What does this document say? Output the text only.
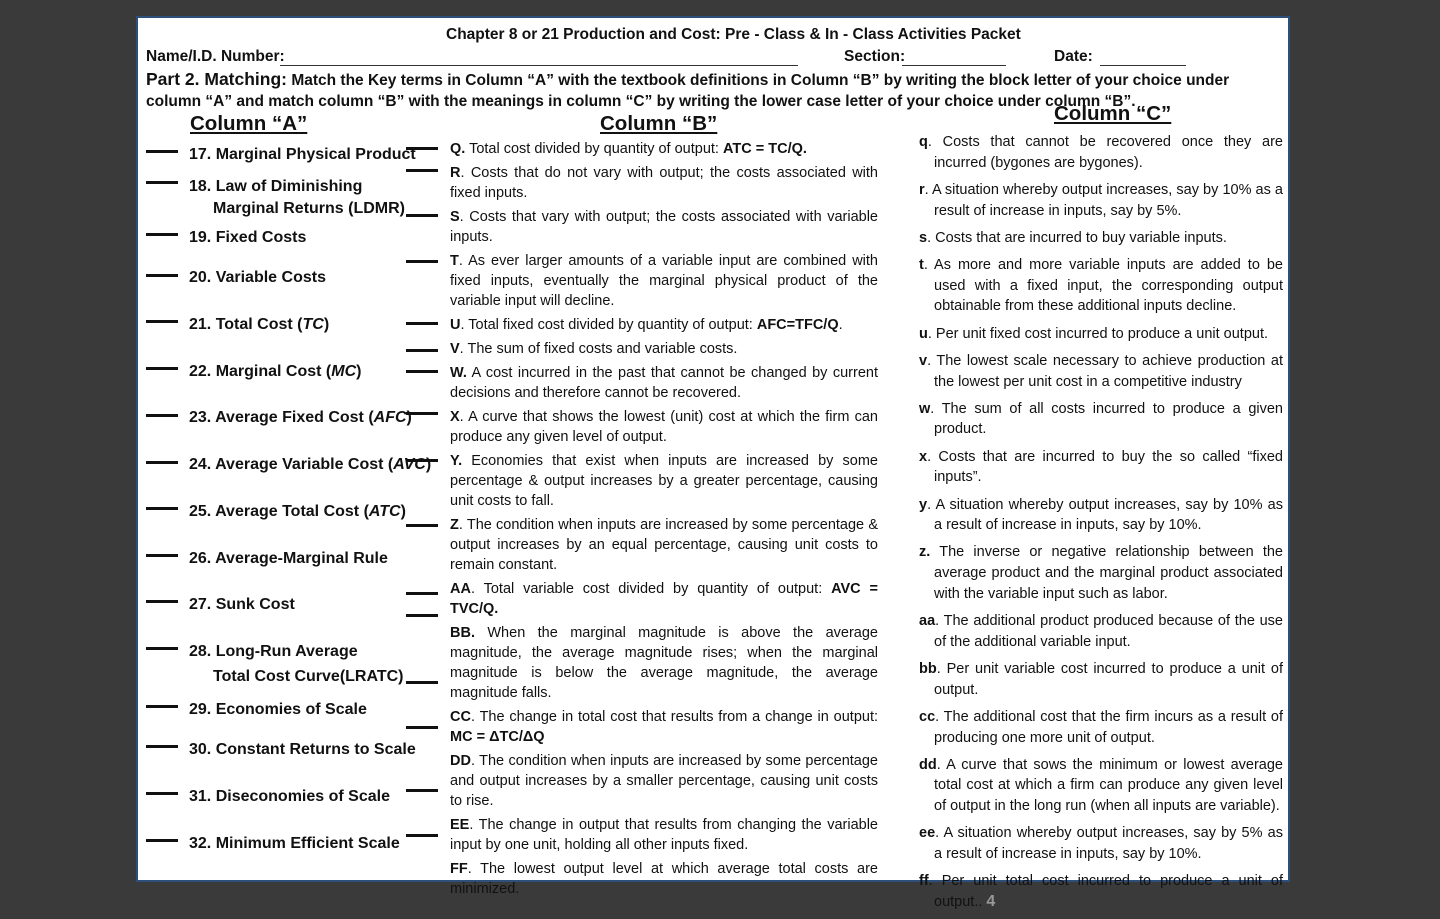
Chapter 8 or 21 Production and Cost: Pre - Class & In - Class Activities Packet
Name/I.D. Number:	Section:	Date:
Part 2. Matching: Match the Key terms in Column “A” with the textbook definitions in Column “B” by writing the block letter of your choice under column “A” and match column “B” with the meanings in column “C” by writing the lower case letter of your choice under column “B”.
Column “A”	Column “B”	Column “C”
17. Marginal Physical Product
18. Law of Diminishing
Marginal Returns (LDMR)
19. Fixed Costs
20. Variable Costs
21. Total Cost (TC)
22. Marginal Cost (MC)
23. Average Fixed Cost (AFC)
24. Average Variable Cost (AVC)
25. Average Total Cost (ATC)
26. Average-Marginal Rule
27. Sunk Cost
28. Long-Run Average
Total Cost Curve(LRATC)
29. Economies of Scale
30. Constant Returns to Scale
31. Diseconomies of Scale
32. Minimum Efficient Scale

Q. Total cost divided by quantity of output: ATC = TC/Q.

R. Costs that do not vary with output; the costs associated with fixed inputs.

S. Costs that vary with output; the costs associated with variable inputs.

T. As ever larger amounts of a variable input are combined with fixed inputs, eventually the marginal physical product of the variable input will decline.

U. Total fixed cost divided by quantity of output: AFC=TFC/Q.

V. The sum of fixed costs and variable costs.

W. A cost incurred in the past that cannot be changed by current decisions and therefore cannot be recovered.

X. A curve that shows the lowest (unit) cost at which the firm can produce any given level of output.

Y. Economies that exist when inputs are increased by some percentage & output increases by a greater percentage, causing unit costs to fall.

Z. The condition when inputs are increased by some percentage & output increases by an equal percentage, causing unit costs to remain constant.

AA. Total variable cost divided by quantity of output: AVC = TVC/Q.

BB. When the marginal magnitude is above the average magnitude, the average magnitude rises; when the marginal magnitude is below the average magnitude, the average magnitude falls.

CC. The change in total cost that results from a change in output: MC = ΔTC/ΔQ

DD. The condition when inputs are increased by some percentage and output increases by a smaller percentage, causing unit costs to rise.

EE. The change in output that results from changing the variable input by one unit, holding all other inputs fixed.

FF. The lowest output level at which average total costs are minimized.

q. Costs that cannot be recovered once they are incurred (bygones are bygones).

r. A situation whereby output increases, say by 10% as a result of increase in inputs, say by 5%.

s. Costs that are incurred to buy variable inputs.

t. As more and more variable inputs are added to be used with a fixed input, the corresponding output obtainable from these additional inputs decline.

u. Per unit fixed cost incurred to produce a unit output.

v. The lowest scale necessary to achieve production at the lowest per unit cost in a competitive industry

w. The sum of all costs incurred to produce a given product.

x. Costs that are incurred to buy the so called “fixed inputs”.

y. A situation whereby output increases, say by 10% as a result of increase in inputs, say by 10%.

z. The inverse or negative relationship between the average product and the marginal product associated with the variable input such as labor.

aa. The additional product produced because of the use of the additional variable input.

bb. Per unit variable cost incurred to produce a unit of output.

cc. The additional cost that the firm incurs as a result of producing one more unit of output.

dd. A curve that sows the minimum or lowest average total cost at which a firm can produce any given level of output in the long run (when all inputs are variable).

ee. A situation whereby output increases, say by 5% as a result of increase in inputs, say by 10%.

ff. Per unit total cost incurred to produce a unit of output.. 4
